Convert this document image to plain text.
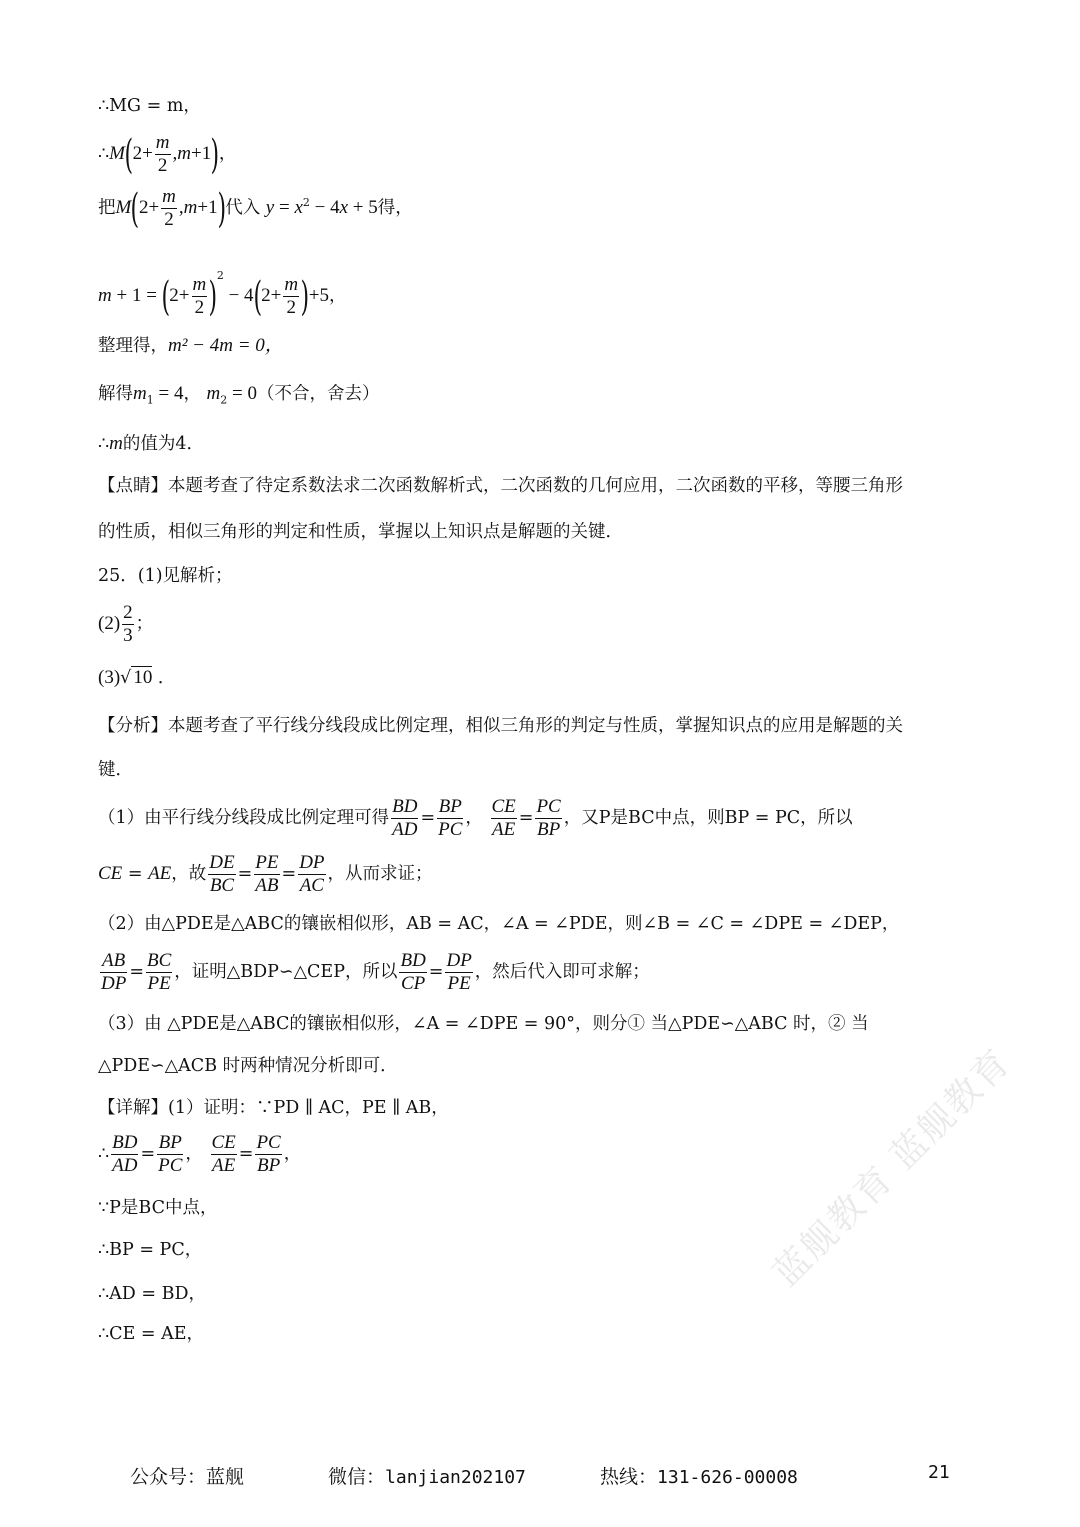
∴MG = m，
∴M(2+ $\frac{m}{2} ,m+1$)，
把$M(2+ \frac{m}{2} ,m+1)$代入 $y = x^2 - 4x + 5$得，
$m + 1 = (2+ \frac{m}{2} )^2 - 4(2+ \frac{m}{2} )+5$，
整理得，m² − 4m = 0，
解得$m_1 = 4$， $m_2 = 0$（不合，舍去）
∴m的值为4．
【点睛】本题考查了待定系数法求二次函数解析式，二次函数的几何应用，二次函数的平移，等腰三角形
的性质，相似三角形的判定和性质，掌握以上知识点是解题的关键．
25．(1)见解析；
$(2) \frac{2}{3}$ ；
(3)√ 10 ．
【分析】本题考查了平行线分线段成比例定理，相似三角形的判定与性质，掌握知识点的应用是解题的关
键．
（1）由平行线分线段成比例定理可得 $\frac{BD}{AD} = \frac{BP}{PC}$ ， $\frac{CE}{AE} = \frac{PC}{BP}$ ，又P是BC中点，则BP = PC，所以
CE = AE，故 $\frac{DE}{BC} = \frac{PE}{AB} = \frac{DP}{AC}$ ，从而求证；
（2）由△PDE是△ABC的镶嵌相似形，AB = AC，∠A = ∠PDE，则∠B = ∠C = ∠DPE = ∠DEP，
$\frac{AB}{DP} = \frac{BC}{PE}$ ，证明△BDP∽△CEP，所以 $\frac{BD}{CP} = \frac{DP}{PE}$ ，然后代入即可求解；
（3）由 △PDE是△ABC的镶嵌相似形，∠A = ∠DPE = 90°，则分① 当△PDE∽△ABC 时，② 当
△PDE∽△ACB 时两种情况分析即可．
【详解】(1）证明：∵PD ∥ AC，PE ∥ AB，
∴ $\frac{BD}{AD} = \frac{BP}{PC}$ ， $\frac{CE}{AE} = \frac{PC}{BP}$ ，
∵P是BC中点，
∴BP = PC，
∴AD = BD，
∴CE = AE，
蓝舰教育 蓝舰教育
公众号：蓝舰	微信：lanjian202107	热线：131-626-00008	21
